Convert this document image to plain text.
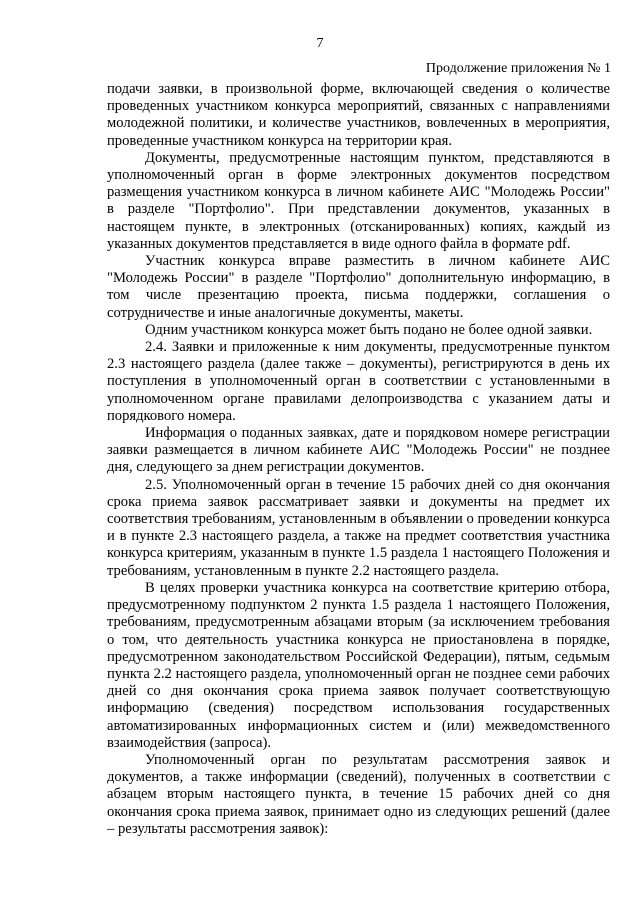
7
Продолжение приложения № 1

подачи заявки, в произвольной форме, включающей сведения о количестве проведенных участником конкурса мероприятий, связанных с направлениями молодежной политики, и количестве участников, вовлеченных в мероприятия, проведенные участником конкурса на территории края.

Документы, предусмотренные настоящим пунктом, представляются в уполномоченный орган в форме электронных документов посредством размещения участником конкурса в личном кабинете АИС "Молодежь России" в разделе "Портфолио". При представлении документов, указанных в настоящем пункте, в электронных (отсканированных) копиях, каждый из указанных документов представляется в виде одного файла в формате pdf.

Участник конкурса вправе разместить в личном кабинете АИС "Молодежь России" в разделе "Портфолио" дополнительную информацию, в том числе презентацию проекта, письма поддержки, соглашения о сотрудничестве и иные аналогичные документы, макеты.

Одним участником конкурса может быть подано не более одной заявки.

2.4. Заявки и приложенные к ним документы, предусмотренные пунктом 2.3 настоящего раздела (далее также – документы), регистрируются в день их поступления в уполномоченный орган в соответствии с установленными в уполномоченном органе правилами делопроизводства с указанием даты и порядкового номера.

Информация о поданных заявках, дате и порядковом номере регистрации заявки размещается в личном кабинете АИС "Молодежь России" не позднее дня, следующего за днем регистрации документов.

2.5. Уполномоченный орган в течение 15 рабочих дней со дня окончания срока приема заявок рассматривает заявки и документы на предмет их соответствия требованиям, установленным в объявлении о проведении конкурса и в пункте 2.3 настоящего раздела, а также на предмет соответствия участника конкурса критериям, указанным в пункте 1.5 раздела 1 настоящего Положения и требованиям, установленным в пункте 2.2 настоящего раздела.

В целях проверки участника конкурса на соответствие критерию отбора, предусмотренному подпунктом 2 пункта 1.5 раздела 1 настоящего Положения, требованиям, предусмотренным абзацами вторым (за исключением требования о том, что деятельность участника конкурса не приостановлена в порядке, предусмотренном законодательством Российской Федерации), пятым, седьмым пункта 2.2 настоящего раздела, уполномоченный орган не позднее семи рабочих дней со дня окончания срока приема заявок получает соответствующую информацию (сведения) посредством использования государственных автоматизированных информационных систем и (или) межведомственного взаимодействия (запроса).

Уполномоченный орган по результатам рассмотрения заявок и документов, а также информации (сведений), полученных в соответствии с абзацем вторым настоящего пункта, в течение 15 рабочих дней со дня окончания срока приема заявок, принимает одно из следующих решений (далее – результаты рассмотрения заявок):
